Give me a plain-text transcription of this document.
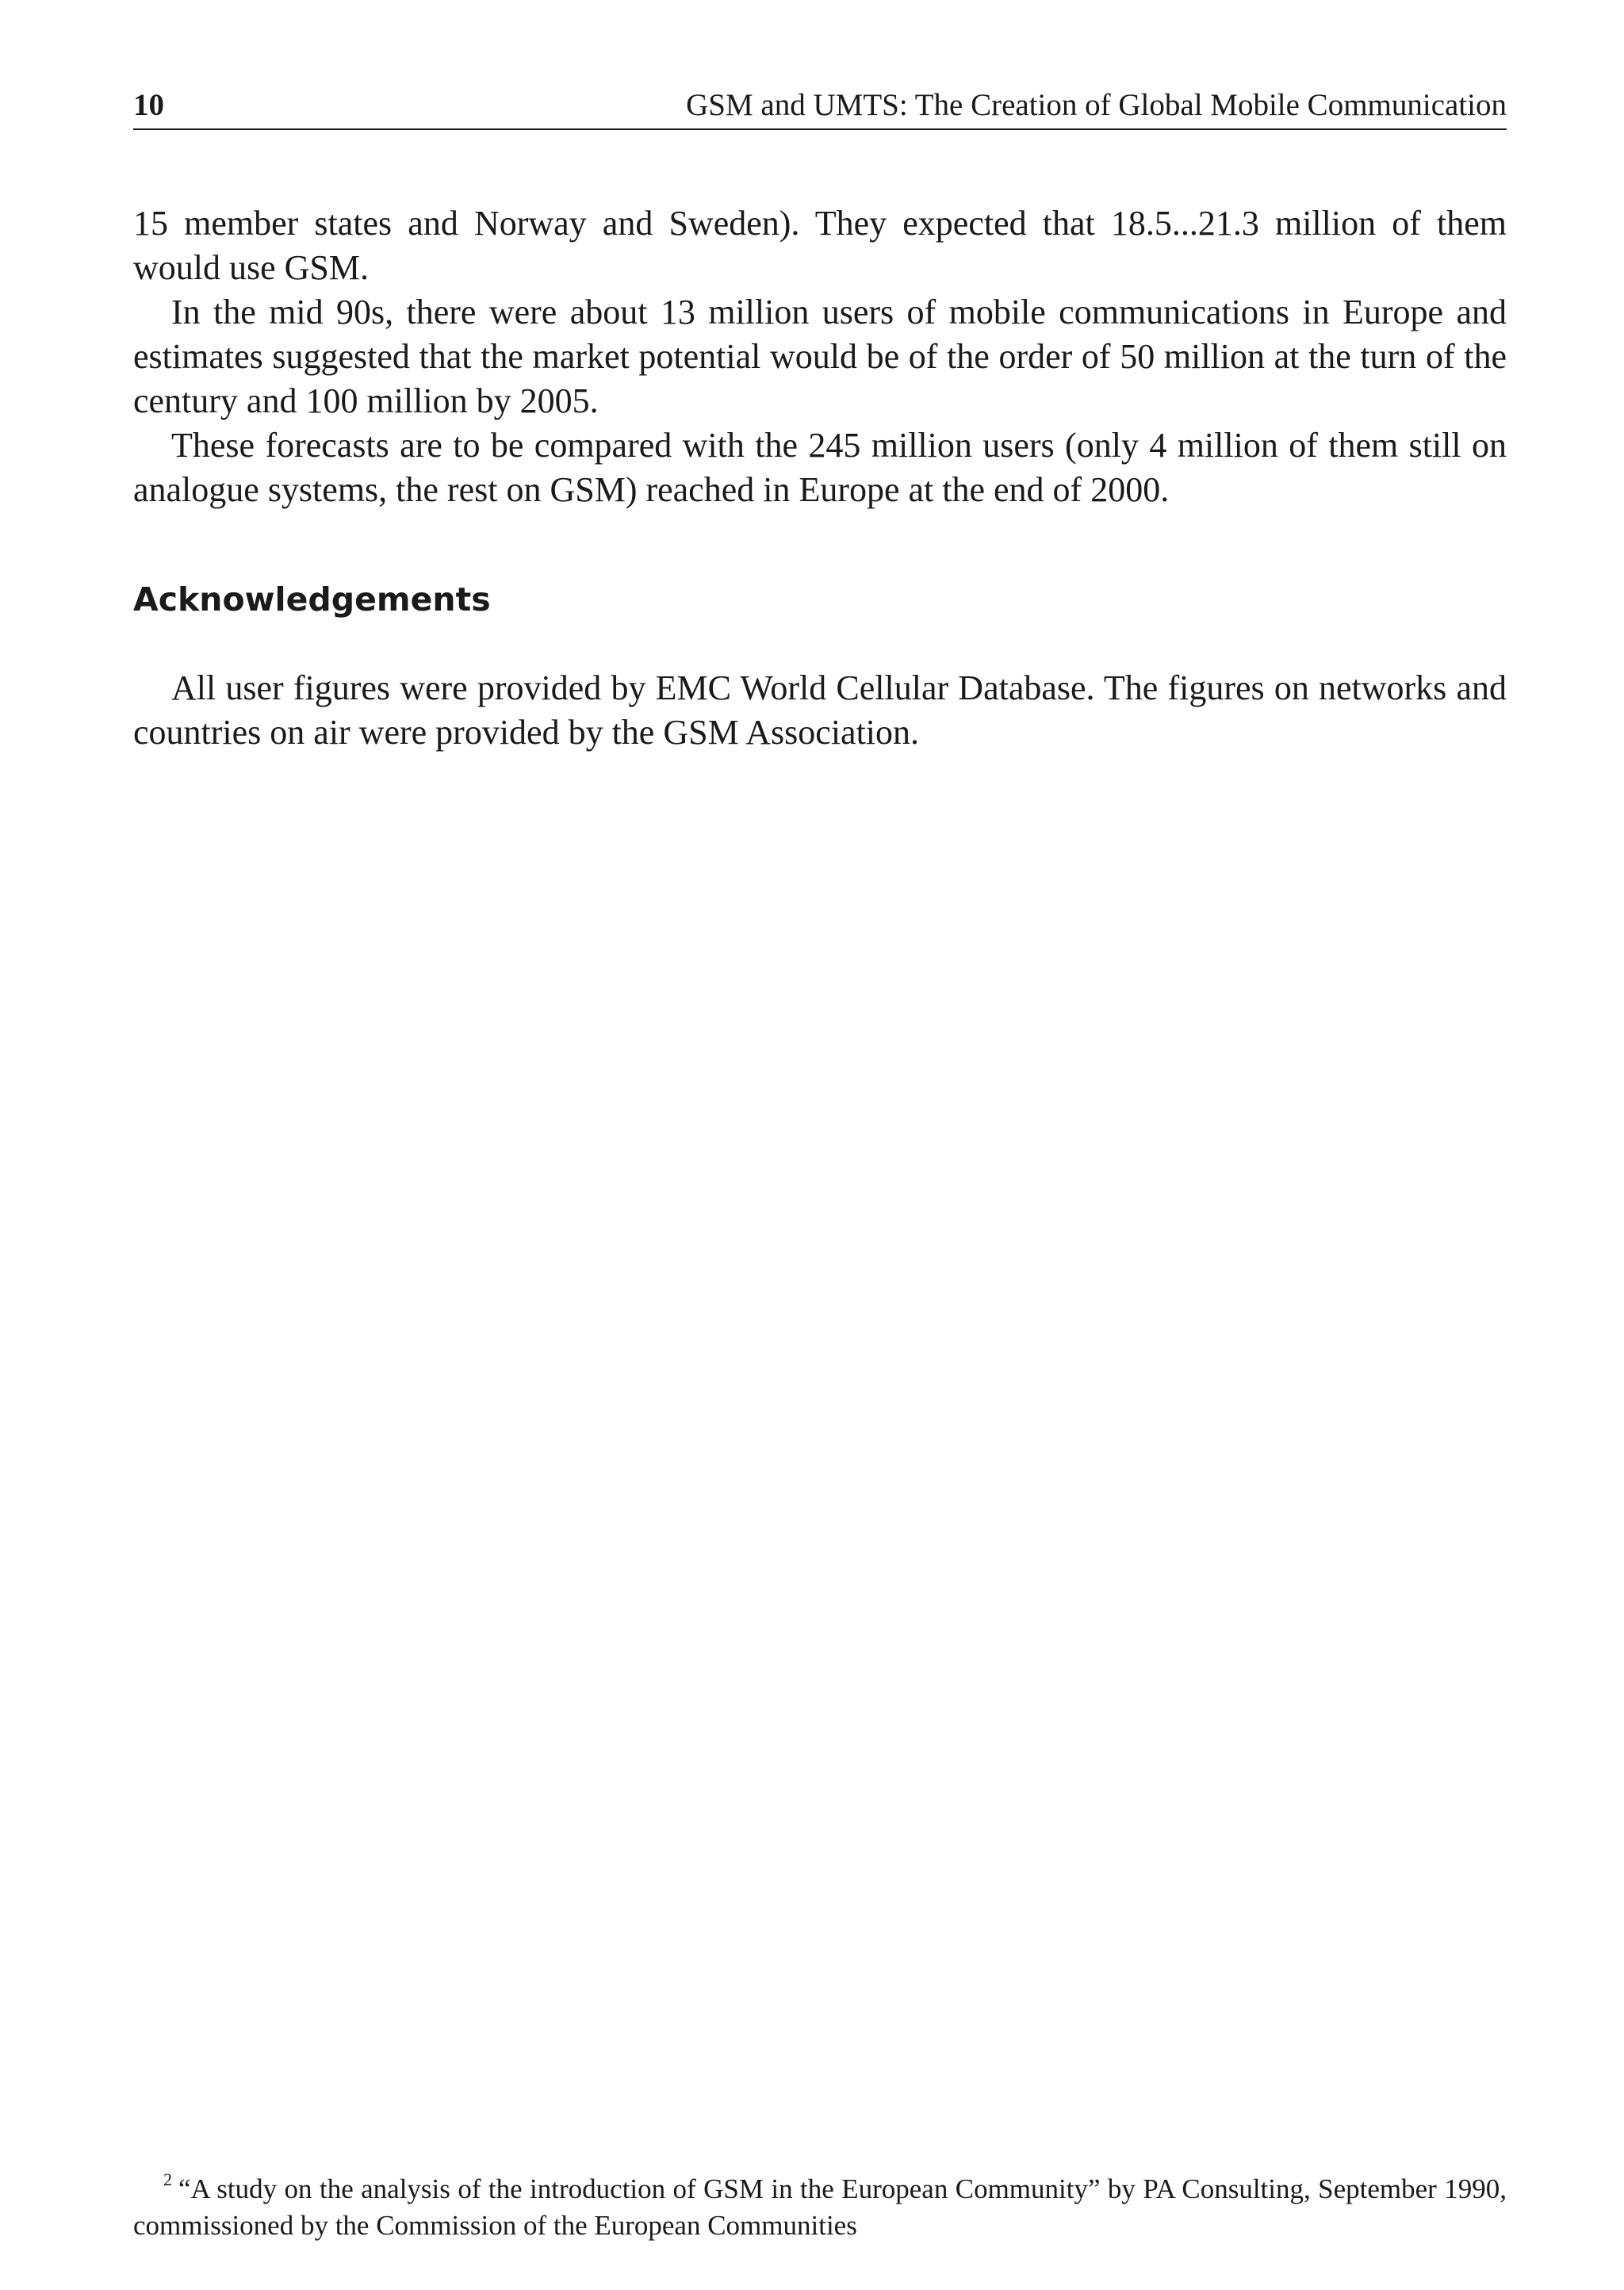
10	GSM and UMTS: The Creation of Global Mobile Communication

15 member states and Norway and Sweden). They expected that 18.5...21.3 million of them would use GSM.

In the mid 90s, there were about 13 million users of mobile communications in Europe and estimates suggested that the market potential would be of the order of 50 million at the turn of the century and 100 million by 2005.

These forecasts are to be compared with the 245 million users (only 4 million of them still on analogue systems, the rest on GSM) reached in Europe at the end of 2000.

Acknowledgements

All user figures were provided by EMC World Cellular Database. The figures on networks and countries on air were provided by the GSM Association.

$^2$ “A study on the analysis of the introduction of GSM in the European Community” by PA Consulting, September 1990, commissioned by the Commission of the European Communities
